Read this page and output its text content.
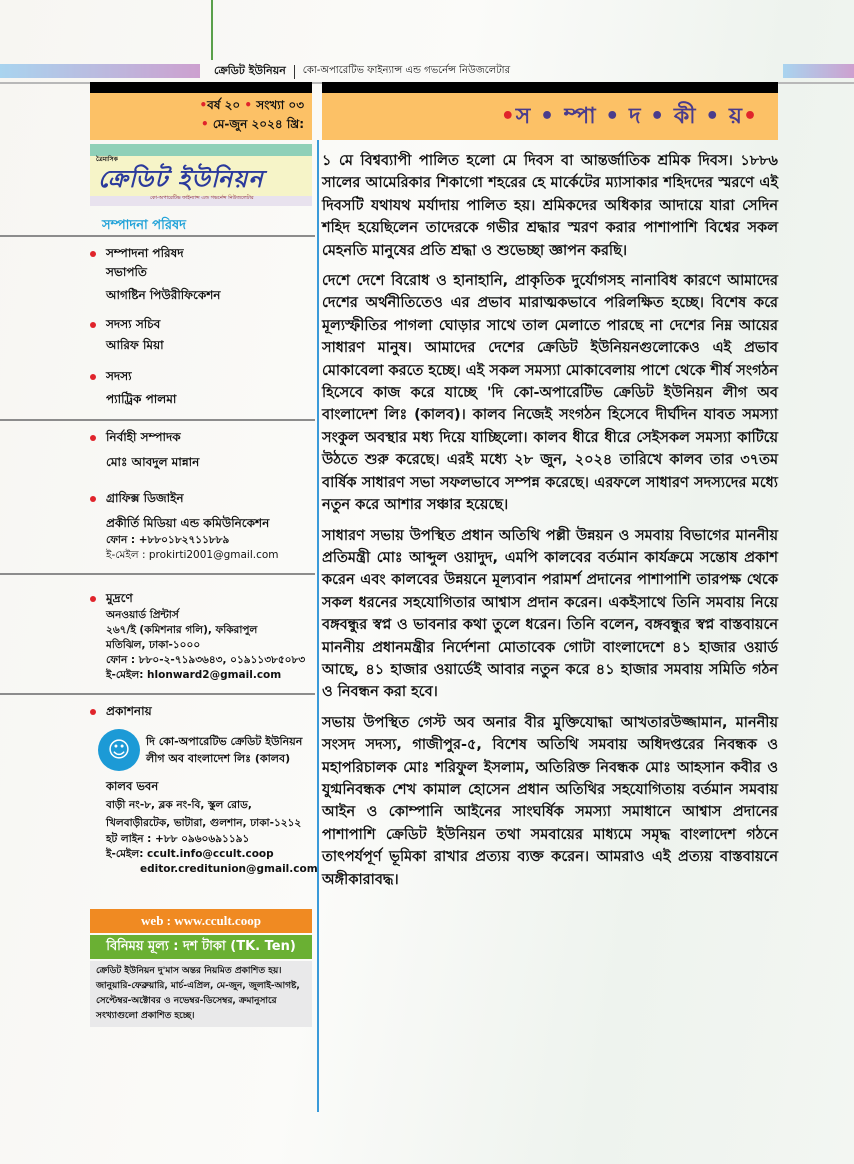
ক্রেডিট ইউনিয়ন কো-অপারেটিভ ফাইন্যান্স এন্ড গভর্নেন্স নিউজলেটার
•বর্ষ ২০ • সংখ্যা ০৩
• মে-জুন ২০২৪ খ্রি:	•স • ম্পা • দ • কী • য়•
ত্রৈমাসিক
ক্রেডিট ইউনিয়ন
কো-অপারেটিভ ফাইন্যান্স এন্ড গভর্নেন্স নিউজলেটার
সম্পাদনা পরিষদ
সম্পাদনা পরিষদ
সভাপতি
আগষ্টিন পিউরীফিকেশন
সদস্য সচিব
আরিফ মিয়া
সদস্য
প্যাট্রিক পালমা
নির্বাহী সম্পাদক
মোঃ আবদুল মান্নান
গ্রাফিক্স ডিজাইন
প্রকীর্তি মিডিয়া এন্ড কমিউনিকেশন
ফোন : +৮৮০১৮২৭১১৮৮৯
ই-মেইল : prokirti2001@gmail.com
মুদ্রণে
অনওয়ার্ড প্রিন্টার্স
২৬৭/ই (কমিশনার গলি), ফকিরাপুল
মতিঝিল, ঢাকা-১০০০
ফোন : ৮৮০-২-৭১৯৩৬৪৩, ০১৯১১৩৮৫০৮৩
ই-মেইল: hlonward2@gmail.com
প্রকাশনায়
☺	দি কো-অপারেটিভ ক্রেডিট ইউনিয়ন লীগ অব বাংলাদেশ লিঃ (কালব)
কালব ভবন
বাড়ী নং-৮, ব্লক নং-বি, স্কুল রোড,
খিলবাড়ীরটেক, ভাটারা, গুলশান, ঢাকা-১২১২
হট লাইন : +৮৮ ০৯৬০৬৯১১৯১
ই-মেইল: ccult.info@ccult.coop
editor.creditunion@gmail.com
web : www.ccult.coop
বিনিময় মূল্য : দশ টাকা (TK. Ten)
ক্রেডিট ইউনিয়ন দু'মাস অন্তর নিয়মিত প্রকাশিত হয়। জানুয়ারি-ফেব্রুয়ারি, মার্চ-এপ্রিল, মে-জুন, জুলাই-আগষ্ট, সেপ্টেম্বর-অক্টোবর ও নভেম্বর-ডিসেম্বর, ক্রমানুসারে সংখ্যাগুলো প্রকাশিত হচ্ছে।

১ মে বিশ্বব্যাপী পালিত হলো মে দিবস বা আন্তর্জাতিক শ্রমিক দিবস। ১৮৮৬ সালের আমেরিকার শিকাগো শহরের হে মার্কেটের ম্যাসাকার শহিদদের স্মরণে এই দিবসটি যথাযথ মর্যাদায় পালিত হয়। শ্রমিকদের অধিকার আদায়ে যারা সেদিন শহিদ হয়েছিলেন তাদেরকে গভীর শ্রদ্ধার স্মরণ করার পাশাপাশি বিশ্বের সকল মেহনতি মানুষের প্রতি শ্রদ্ধা ও শুভেচ্ছা জ্ঞাপন করছি।

দেশে দেশে বিরোধ ও হানাহানি, প্রাকৃতিক দুর্যোগসহ নানাবিধ কারণে আমাদের দেশের অর্থনীতিতেও এর প্রভাব মারাত্মকভাবে পরিলক্ষিত হচ্ছে। বিশেষ করে মূল্যস্ফীতির পাগলা ঘোড়ার সাথে তাল মেলাতে পারছে না দেশের নিম্ন আয়ের সাধারণ মানুষ। আমাদের দেশের ক্রেডিট ইউনিয়নগুলোকেও এই প্রভাব মোকাবেলা করতে হচ্ছে। এই সকল সমস্যা মোকাবেলায় পাশে থেকে শীর্ষ সংগঠন হিসেবে কাজ করে যাচ্ছে 'দি কো-অপারেটিভ ক্রেডিট ইউনিয়ন লীগ অব বাংলাদেশ লিঃ (কালব)। কালব নিজেই সংগঠন হিসেবে দীর্ঘদিন যাবত সমস্যা সংকুল অবস্থার মধ্য দিয়ে যাচ্ছিলো। কালব ধীরে ধীরে সেইসকল সমস্যা কাটিয়ে উঠতে শুরু করেছে। এরই মধ্যে ২৮ জুন, ২০২৪ তারিখে কালব তার ৩৭তম বার্ষিক সাধারণ সভা সফলভাবে সম্পন্ন করেছে। এরফলে সাধারণ সদস্যদের মধ্যে নতুন করে আশার সঞ্চার হয়েছে।

সাধারণ সভায় উপস্থিত প্রধান অতিথি পল্লী উন্নয়ন ও সমবায় বিভাগের মাননীয় প্রতিমন্ত্রী মোঃ আব্দুল ওয়াদুদ, এমপি কালবের বর্তমান কার্যক্রমে সন্তোষ প্রকাশ করেন এবং কালবের উন্নয়নে মূল্যবান পরামর্শ প্রদানের পাশাপাশি তারপক্ষ থেকে সকল ধরনের সহযোগিতার আশ্বাস প্রদান করেন। একইসাথে তিনি সমবায় নিয়ে বঙ্গবন্ধুর স্বপ্ন ও ভাবনার কথা তুলে ধরেন। তিনি বলেন, বঙ্গবন্ধুর স্বপ্ন বাস্তবায়নে মাননীয় প্রধানমন্ত্রীর নির্দেশনা মোতাবেক গোটা বাংলাদেশে ৪১ হাজার ওয়ার্ড আছে, ৪১ হাজার ওয়ার্ডেই আবার নতুন করে ৪১ হাজার সমবায় সমিতি গঠন ও নিবন্ধন করা হবে।

সভায় উপস্থিত গেস্ট অব অনার বীর মুক্তিযোদ্ধা আখতারউজ্জামান, মাননীয় সংসদ সদস্য, গাজীপুর-৫, বিশেষ অতিথি সমবায় অধিদপ্তরের নিবন্ধক ও মহাপরিচালক মোঃ শরিফুল ইসলাম, অতিরিক্ত নিবন্ধক মোঃ আহসান কবীর ও যুগ্মনিবন্ধক শেখ কামাল হোসেন প্রধান অতিথির সহযোগিতায় বর্তমান সমবায় আইন ও কোম্পানি আইনের সাংঘর্ষিক সমস্যা সমাধানে আশ্বাস প্রদানের পাশাপাশি ক্রেডিট ইউনিয়ন তথা সমবায়ের মাধ্যমে সমৃদ্ধ বাংলাদেশ গঠনে তাৎপর্যপূর্ণ ভূমিকা রাখার প্রত্যয় ব্যক্ত করেন। আমরাও এই প্রত্যয় বাস্তবায়নে অঙ্গীকারাবদ্ধ।
